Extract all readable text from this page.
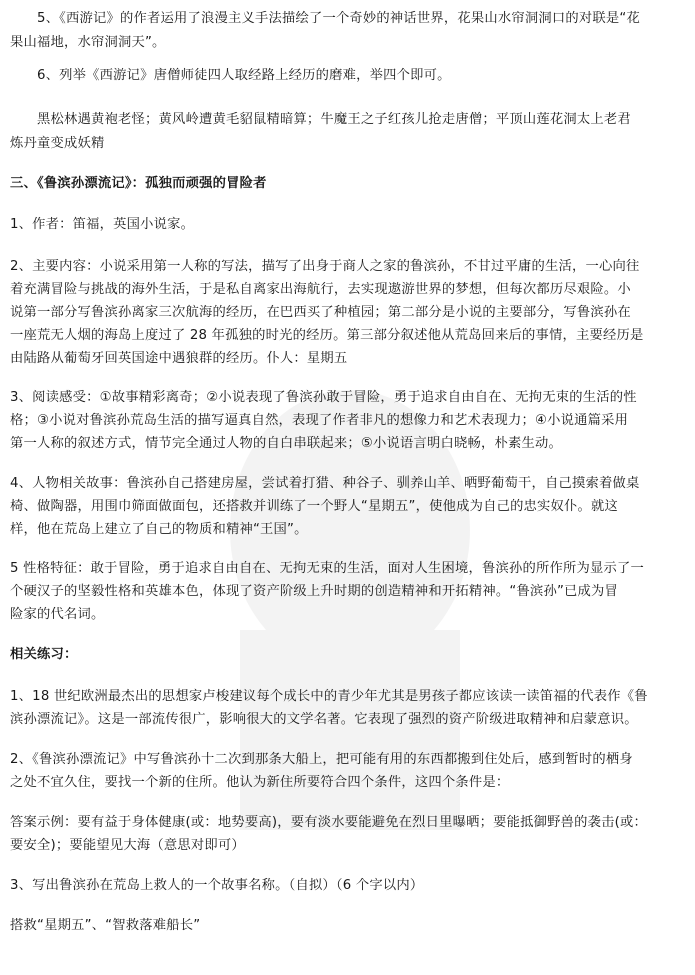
5、《西游记》的作者运用了浪漫主义手法描绘了一个奇妙的神话世界，花果山水帘洞洞口的对联是“花

果山福地，水帘洞洞天”。

6、列举《西游记》唐僧师徒四人取经路上经历的磨难，举四个即可。

黑松林遇黄袍老怪；黄风岭遭黄毛貂鼠精暗算；牛魔王之子红孩儿抢走唐僧；平顶山莲花洞太上老君

炼丹童变成妖精

三、《鲁滨孙漂流记》：孤独而顽强的冒险者

1、作者：笛福，英国小说家。

2、主要内容：小说采用第一人称的写法，描写了出身于商人之家的鲁滨孙，不甘过平庸的生活，一心向往

着充满冒险与挑战的海外生活，于是私自离家出海航行，去实现遨游世界的梦想，但每次都历尽艰险。小

说第一部分写鲁滨孙离家三次航海的经历，在巴西买了种植园；第二部分是小说的主要部分，写鲁滨孙在

一座荒无人烟的海岛上度过了 28 年孤独的时光的经历。第三部分叙述他从荒岛回来后的事情，主要经历是

由陆路从葡萄牙回英国途中遇狼群的经历。仆人：星期五

3、阅读感受：①故事精彩离奇；②小说表现了鲁滨孙敢于冒险，勇于追求自由自在、无拘无束的生活的性

格；③小说对鲁滨孙荒岛生活的描写逼真自然，表现了作者非凡的想像力和艺术表现力；④小说通篇采用

第一人称的叙述方式，情节完全通过人物的自白串联起来；⑤小说语言明白晓畅，朴素生动。

4、人物相关故事：鲁滨孙自己搭建房屋，尝试着打猎、种谷子、驯养山羊、晒野葡萄干，自己摸索着做桌

椅、做陶器，用围巾筛面做面包，还搭救并训练了一个野人“星期五”，使他成为自己的忠实奴仆。就这

样，他在荒岛上建立了自己的物质和精神“王国”。

5 性格特征：敢于冒险，勇于追求自由自在、无拘无束的生活，面对人生困境，鲁滨孙的所作所为显示了一

个硬汉子的坚毅性格和英雄本色，体现了资产阶级上升时期的创造精神和开拓精神。“鲁滨孙”已成为冒

险家的代名词。

相关练习：

1、18 世纪欧洲最杰出的思想家卢梭建议每个成长中的青少年尤其是男孩子都应该读一读笛福的代表作《鲁

滨孙漂流记》。这是一部流传很广，影响很大的文学名著。它表现了强烈的资产阶级进取精神和启蒙意识。

2、《鲁滨孙漂流记》中写鲁滨孙十二次到那条大船上，把可能有用的东西都搬到住处后，感到暂时的栖身

之处不宜久住，要找一个新的住所。他认为新住所要符合四个条件，这四个条件是：

答案示例：要有益于身体健康(或：地势要高)，要有淡水要能避免在烈日里曝晒；要能抵御野兽的袭击(或：

要安全)；要能望见大海（意思对即可）

3、写出鲁滨孙在荒岛上救人的一个故事名称。（自拟）（6 个字以内）

搭救“星期五”、“智救落难船长”
